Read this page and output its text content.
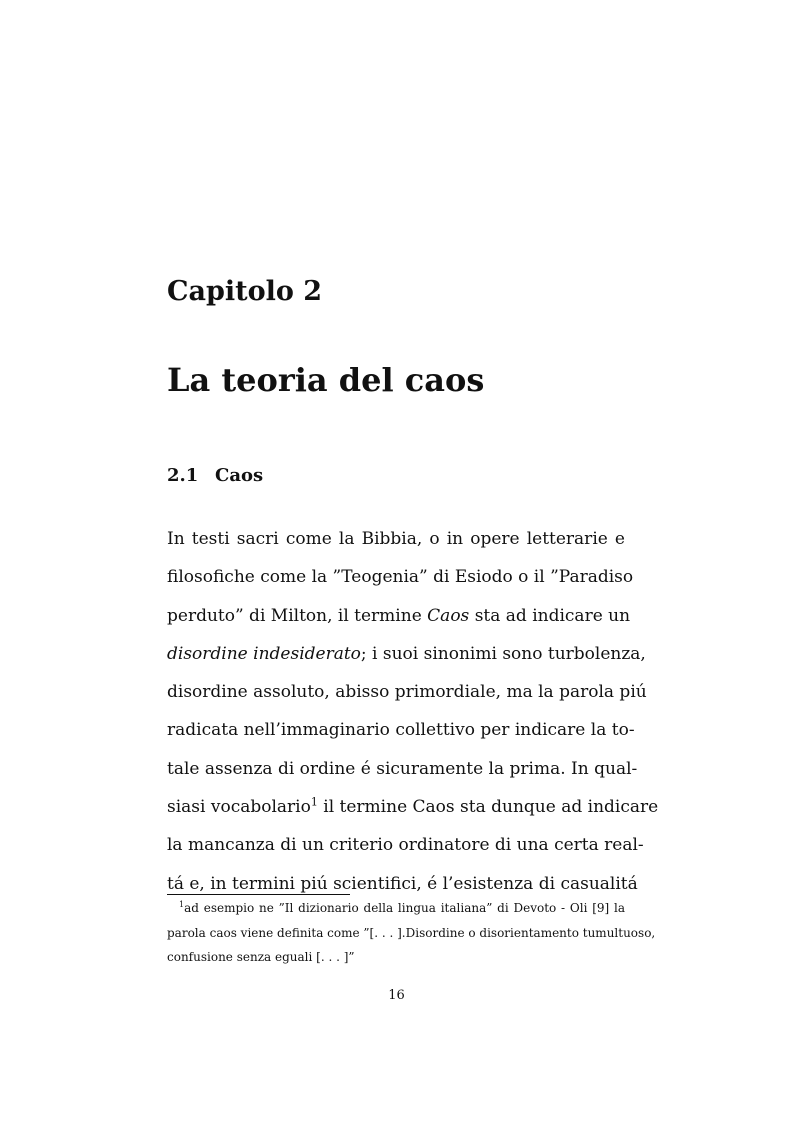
Capitolo 2
La teoria del caos
2.1 Caos
In testi sacri come la Bibbia, o in opere letterarie e
filosofiche come la ”Teogenia” di Esiodo o il ”Paradiso
perduto” di Milton, il termine Caos sta ad indicare un
disordine indesiderato; i suoi sinonimi sono turbolenza,
disordine assoluto, abisso primordiale, ma la parola piú
radicata nell’immaginario collettivo per indicare la to-
tale assenza di ordine é sicuramente la prima. In qual-
siasi vocabolario$^1$ il termine Caos sta dunque ad indicare
la mancanza di un criterio ordinatore di una certa real-
tá e, in termini piú scientifici, é l’esistenza di casualitá
$^1$ad esempio ne ”Il dizionario della lingua italiana” di Devoto - Oli [9] la
parola caos viene definita come ”[. . . ].Disordine o disorientamento tumultuoso,
confusione senza eguali [. . . ]”
16
